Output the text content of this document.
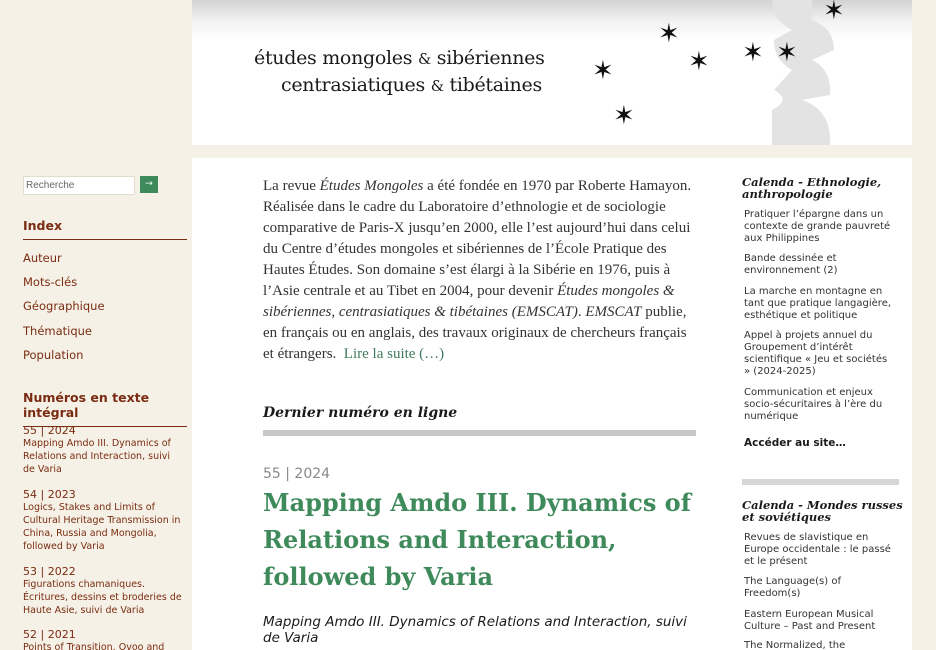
études mongoles & sibériennes
centrasiatiques & tibétaines ✶
✶
✶ ✶ ✶
✶
✶
Recherche	→
Index
Auteur
Mots-clés
Géographique
Thématique
Population
Numéros en texte intégral
55 | 2024
Mapping Amdo III. Dynamics of Relations and Interaction, suivi de Varia
54 | 2023
Logics, Stakes and Limits of Cultural Heritage Transmission in China, Russia and Mongolia, followed by Varia
53 | 2022
Figurations chamaniques. Écritures, dessins et broderies de Haute Asie, suivi de Varia
52 | 2021
Points of Transition. Ovoo and
La revue Études Mongoles a été fondée en 1970 par Roberte Hamayon. Réalisée dans le cadre du Laboratoire d’ethnologie et de sociologie comparative de Paris-X jusqu’en 2000, elle l’est aujourd’hui dans celui du Centre d’études mongoles et sibériennes de l’École Pratique des Hautes Études. Son domaine s’est élargi à la Sibérie en 1976, puis à l’Asie centrale et au Tibet en 2004, pour devenir Études mongoles & sibériennes, centrasiatiques & tibétaines (EMSCAT). EMSCAT publie, en français ou en anglais, des travaux originaux de chercheurs français et étrangers. Lire la suite (…)
Dernier numéro en ligne
55 | 2024
Mapping Amdo III. Dynamics of Relations and Interaction, followed by Varia
Mapping Amdo III. Dynamics of Relations and Interaction, suivi de Varia
Calenda - Ethnologie, anthropologie
Pratiquer l’épargne dans un contexte de grande pauvreté aux Philippines
Bande dessinée et environnement (2)
La marche en montagne en tant que pratique langagière, esthétique et politique
Appel à projets annuel du Groupement d’intérêt scientifique « Jeu et sociétés » (2024-2025)
Communication et enjeux socio-sécuritaires à l’ère du numérique
Accéder au site…
Calenda - Mondes russes et soviétiques
Revues de slavistique en Europe occidentale : le passé et le présent
The Language(s) of Freedom(s)
Eastern European Musical Culture – Past and Present
The Normalized, the
